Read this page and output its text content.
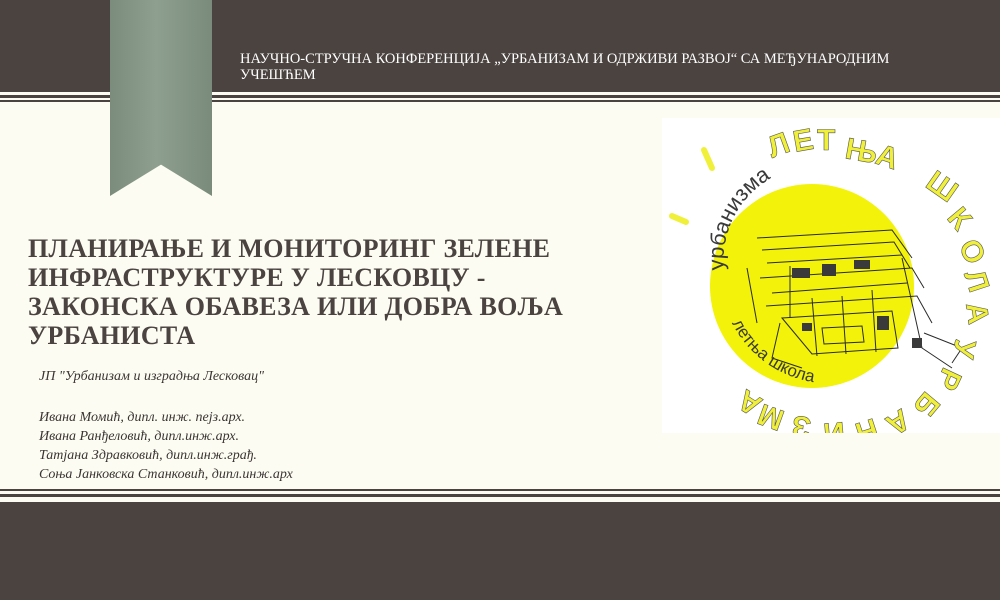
НАУЧНО-СТРУЧНА КОНФЕРЕНЦИЈА „УРБАНИЗАМ И ОДРЖИВИ РАЗВОЈ“ СА МЕЂУНАРОДНИМ УЧЕШЋЕМ
ПЛАНИРАЊЕ И МОНИТОРИНГ ЗЕЛЕНЕ ИНФРАСТРУКТУРЕ У ЛЕСКОВЦУ - ЗАКОНСКА ОБАВЕЗА ИЛИ ДОБРА ВОЉА УРБАНИСТА
ЈП "Урбанизам и изградња Лесковац"
Ивана Момић, дипл. инж. пејз.арх.
Ивана Ранђеловић, дипл.инж.арх.
Татјана Здравковић, дипл.инж.грађ.
Соња Јанковска Станковић, дипл.инж.арх
урбанизма
летња школа
Л
Е Т Њ
А
Ш
К
О
Л
А
У
Р
Б
А
Н
И
З
М
А
